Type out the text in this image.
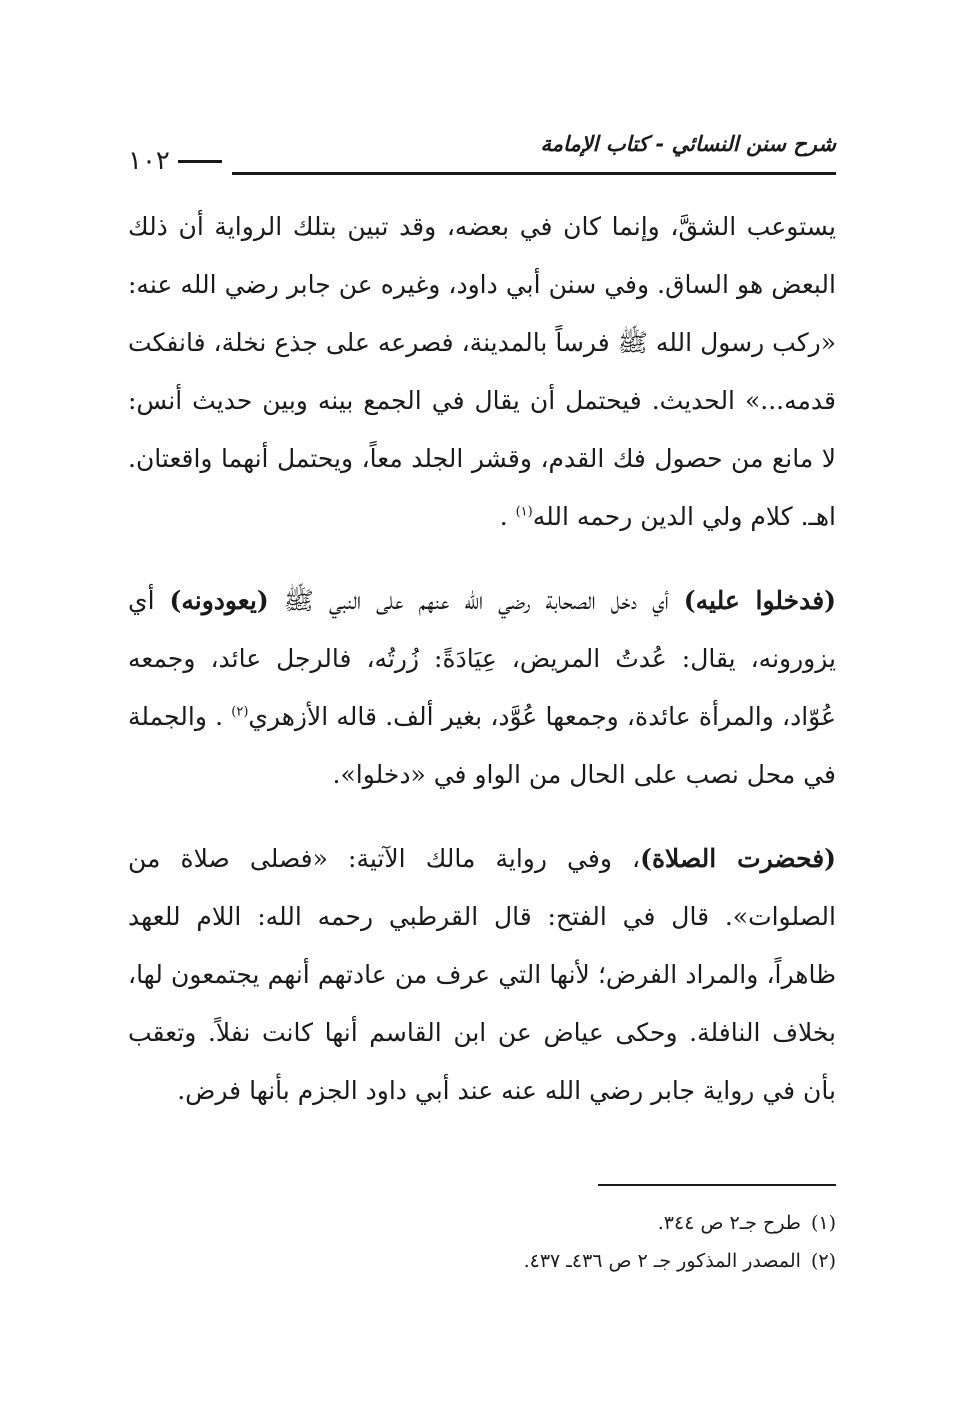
شرح سنن النسائي - كتاب الإمامة
١٠٢

يستوعب الشقَّ، وإنما كان في بعضه، وقد تبين بتلك الرواية أن ذلك البعض هو الساق. وفي سنن أبي داود، وغيره عن جابر رضي الله عنه: «ركب رسول الله ﷺ فرساً بالمدينة، فصرعه على جذع نخلة، فانفكت قدمه...» الحديث. فيحتمل أن يقال في الجمع بينه وبين حديث أنس: لا مانع من حصول فك القدم، وقشر الجلد معاً، ويحتمل أنهما واقعتان. اهـ. كلام ولي الدين رحمه الله$^{(١)}$ .

(فدخلوا عليه) أي دخل الصحابة رضي الله عنهم على النبي ﷺ (يعودونه) أي يزورونه، يقال: عُدتُ المريض، عِيَادَةً: زُرتُه، فالرجل عائد، وجمعه عُوّاد، والمرأة عائدة، وجمعها عُوَّد، بغير ألف. قاله الأزهري$^{(٢)}$ . والجملة في محل نصب على الحال من الواو في «دخلوا».

(فحضرت الصلاة)، وفي رواية مالك الآتية: «فصلى صلاة من الصلوات». قال في الفتح: قال القرطبي رحمه الله: اللام للعهد ظاهراً، والمراد الفرض؛ لأنها التي عرف من عادتهم أنهم يجتمعون لها، بخلاف النافلة. وحكى عياض عن ابن القاسم أنها كانت نفلاً. وتعقب بأن في رواية جابر رضي الله عنه عند أبي داود الجزم بأنها فرض.

(١)طرح جـ٢ ص ٣٤٤.
(٢)المصدر المذكور جـ ٢ ص ٤٣٦ـ ٤٣٧.
